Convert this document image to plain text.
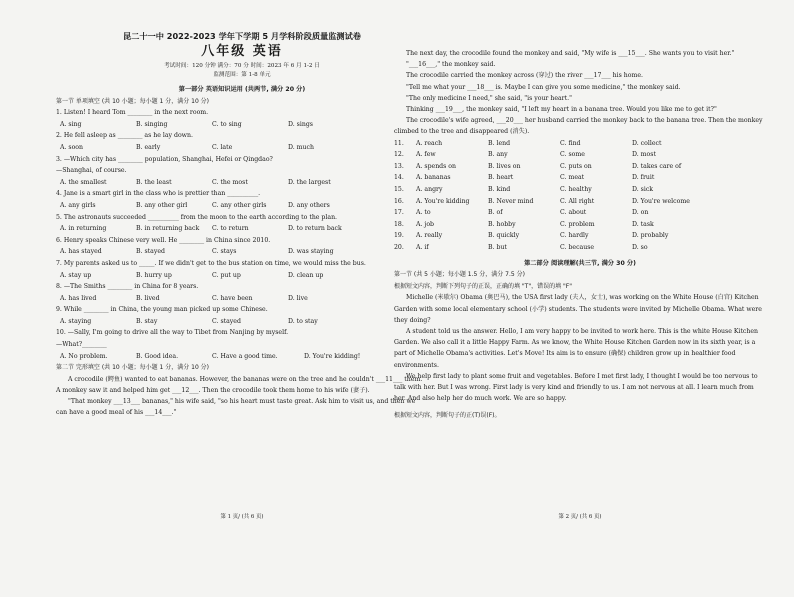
昆二十一中 2022-2023 学年下学期 5 月学科阶段质量监测试卷
八年级 英语
考试时间：120 分钟 满分：70 分 时间：2023 年 6 月 1-2 日
监测范围：第 1-8 单元
第一部分 英语知识运用 (共两节, 满分 20 分)
第一节 单项填空 (共 10 小题；每小题 1 分，满分 10 分)
1. Listen! I heard Tom ________ in the next room.
A. sing	B. singing	C. to sing	D. sings
2. He fell asleep as ________ as he lay down.
A. soon	B. early	C. late	D. much
3. —Which city has ________ population, Shanghai, Hefei or Qingdao?
—Shanghai, of course.
A. the smallest	B. the least	C. the most	D. the largest
4. Jane is a smart girl in the class who is prettier than __________.
A. any girls	B. any other girl	C. any other girls	D. any others
5. The astronauts succeeded __________ from the moon to the earth according to the plan.
A. in returning	B. in returning back	C. to return	D. to return back
6. Henry speaks Chinese very well. He ________ in China since 2010.
A. has stayed	B. stayed	C. stays	D. was staying
7. My parents asked us to _____. If we didn't get to the bus station on time, we would miss the bus.
A. stay up	B. hurry up	C. put up	D. clean up
8. —The Smiths ________ in China for 8 years.
A. has lived	B. lived	C. have been	D. live
9. While ________ in China, the young man picked up some Chinese.
A. staying	B. stay	C. stayed	D. to stay
10. —Sally, I'm going to drive all the way to Tibet from Nanjing by myself.
—What?________
A. No problem.	B. Good idea.	C. Have a good time.	D. You're kidding!
第二节 完形填空 (共 10 小题；每小题 1 分，满分 10 分)
A crocodile (鳄鱼) wanted to eat bananas. However, the bananas were on the tree and he couldn't ___11___ them. A monkey saw it and helped him get ___12___. Then the crocodile took them home to his wife (妻子).
"That monkey ___13___ bananas," his wife said, "so his heart must taste great. Ask him to visit us, and then we can have a good meal of his ___14___."
第 1 页/ (共 6 页)
The next day, the crocodile found the monkey and said, "My wife is ___15___. She wants you to visit her."
"___16___," the monkey said.
The crocodile carried the monkey across (穿过) the river ___17___ his home.
"Tell me what your ___18___ is. Maybe I can give you some medicine," the monkey said.
"The only medicine I need," she said, "is your heart."
Thinking ___19___, the monkey said, "I left my heart in a banana tree. Would you like me to get it?"
The crocodile's wife agreed, ___20___ her husband carried the monkey back to the banana tree. Then the monkey climbed to the tree and disappeared (消失).
11.	A. reach	B. lend	C. find	D. collect
12.	A. few	B. any	C. some	D. most
13.	A. spends on	B. lives on	C. puts on	D. takes care of
14.	A. bananas	B. heart	C. meat	D. fruit
15.	A. angry	B. kind	C. healthy	D. sick
16.	A. You're kidding	B. Never mind	C. All right	D. You're welcome
17.	A. to	B. of	C. about	D. on
18.	A. job	B. hobby	C. problem	D. task
19.	A. really	B. quickly	C. hardly	D. probably
20.	A. if	B. but	C. because	D. so
第二部分 阅读理解(共三节, 满分 30 分)
第一节 (共 5 小题；每小题 1.5 分，满分 7.5 分)
根据短文内容，判断下列句子的正误，正确的填 "T"，错误的填 "F"
Michelle (米歇尔) Obama (奥巴马), the USA first lady (夫人，女士), was working on the White House (白宫) Kitchen Garden with some local elementary school (小学) students. The students were invited by Michelle Obama. What were they doing?
A student told us the answer. Hello, I am very happy to be invited to work here. This is the white House Kitchen Garden. We also call it a little Happy Farm. As we know, the White House Kitchen Garden now in its sixth year, is a part of Michelle Obama's activities. Let's Move! Its aim is to ensure (确保) children grow up in healthier food environments.
We help first lady to plant some fruit and vegetables. Before I met first lady, I thought I would be too nervous to talk with her. But I was wrong. First lady is very kind and friendly to us. I am not nervous at all. I learn much from her. And also help her do much work. We are so happy.
根据短文内容，判断句子的正(T)误(F)。
第 2 页/ (共 6 页)
